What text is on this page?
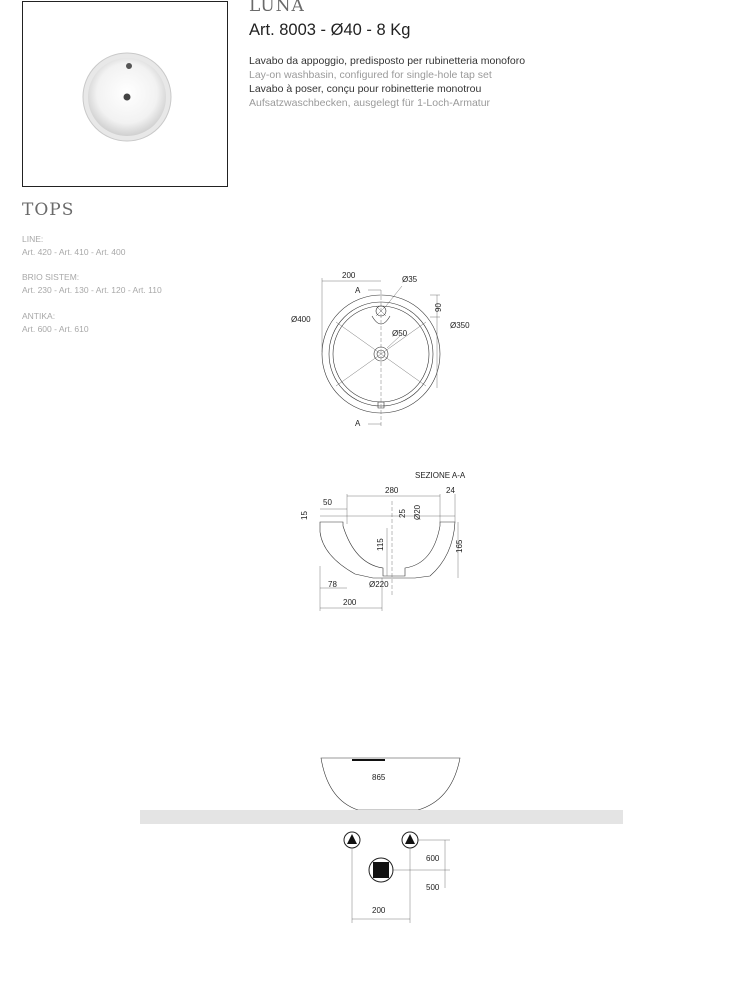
LUNA
Art. 8003 - Ø40 - 8 Kg
Lavabo da appoggio, predisposto per rubinetteria monoforo
Lay-on washbasin, configured for single-hole tap set
Lavabo à poser, conçu pour robinetterie monotrou
Aufsatzwaschbecken, ausgelegt für 1-Loch-Armatur
TOPS
LINE:
Art. 420 - Art. 410 - Art. 400
BRIO SISTEM:
Art. 230 - Art. 130 - Art. 120 - Art. 110
ANTIKA:
Art. 600 - Art. 610
200	Ø35
A
90
Ø400
Ø350
Ø50
A
SEZIONE A-A
280	24
50
15	25 Ø20
115	165
78	Ø220
200
865
600
500
200
